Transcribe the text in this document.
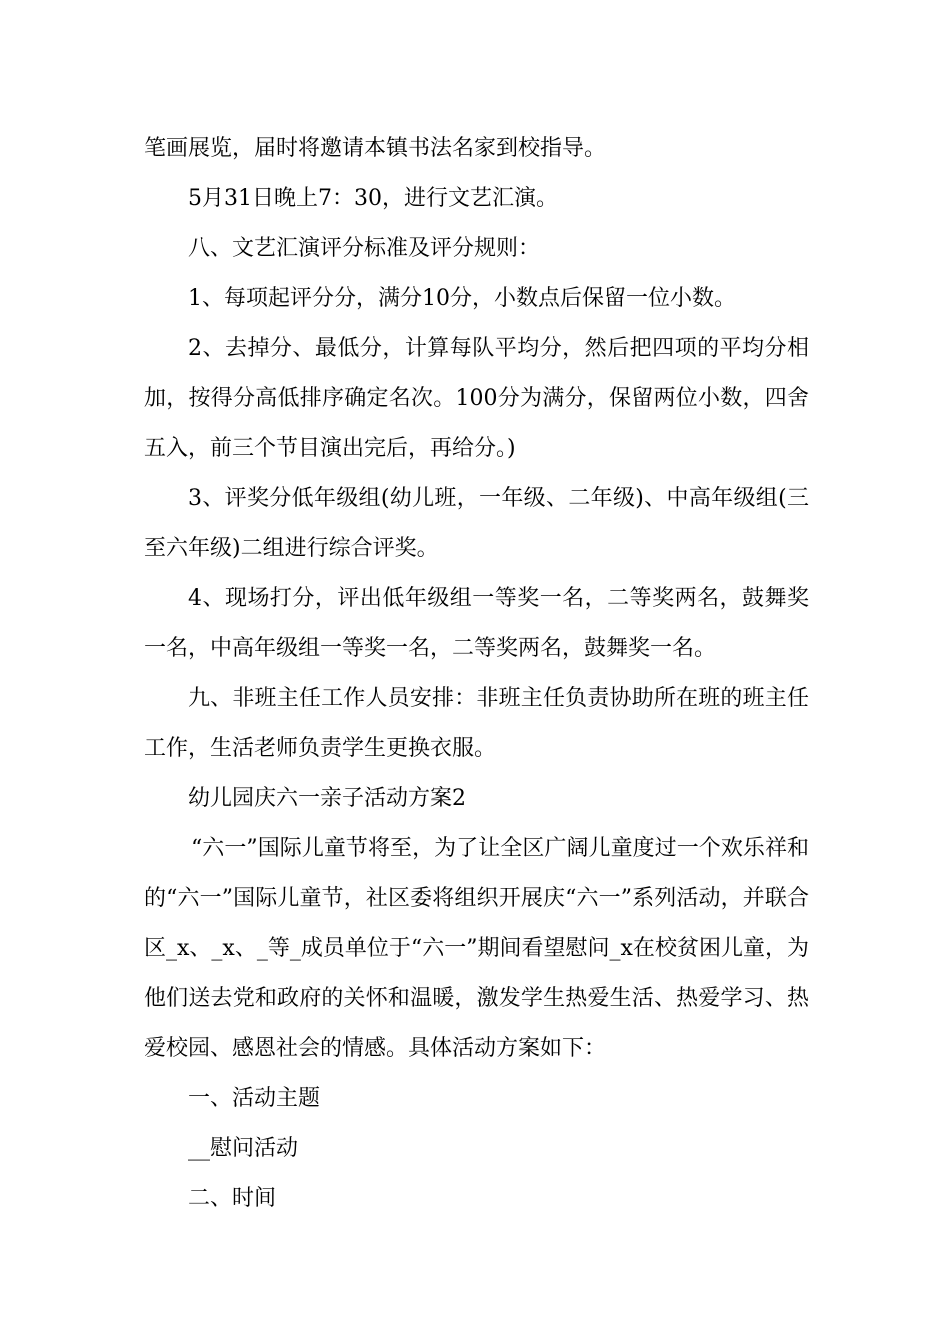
笔画展览，届时将邀请本镇书法名家到校指导。

5月31日晚上7：30，进行文艺汇演。

八、文艺汇演评分标准及评分规则：

1、每项起评分分，满分10分，小数点后保留一位小数。

2、去掉分、最低分，计算每队平均分，然后把四项的平均分相加，按得分高低排序确定名次。100分为满分，保留两位小数，四舍五入，前三个节目演出完后，再给分。)

3、评奖分低年级组(幼儿班，一年级、二年级)、中高年级组(三至六年级)二组进行综合评奖。

4、现场打分，评出低年级组一等奖一名，二等奖两名，鼓舞奖一名，中高年级组一等奖一名，二等奖两名，鼓舞奖一名。

九、非班主任工作人员安排：非班主任负责协助所在班的班主任工作，生活老师负责学生更换衣服。

幼儿园庆六一亲子活动方案2

“六一”国际儿童节将至，为了让全区广阔儿童度过一个欢乐祥和的“六一”国际儿童节，社区委将组织开展庆“六一”系列活动，并联合区_x、_x、_等_成员单位于“六一”期间看望慰问_x在校贫困儿童，为他们送去党和政府的关怀和温暖，激发学生热爱生活、热爱学习、热爱校园、感恩社会的情感。具体活动方案如下：

一、活动主题

__慰问活动

二、时间
